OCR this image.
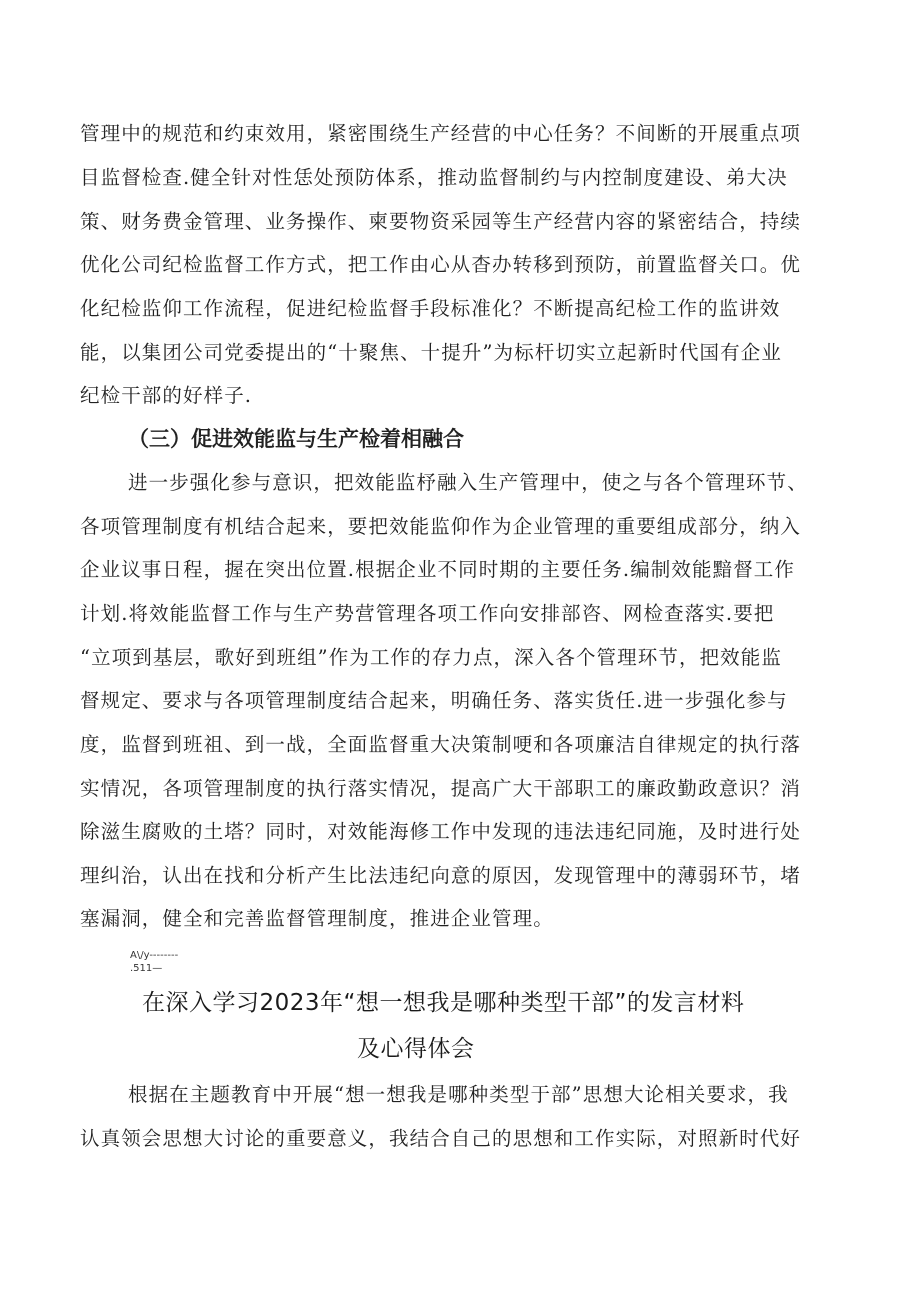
管理中的规范和约束效用，紧密围绕生产经营的中心任务？不间断的开展重点项
目监督检查.健全针对性恁处预防体系，推动监督制约与内控制度建设、弟大决
策、财务费金管理、业务操作、柬要物资采园等生产经营内容的紧密结合，持续
优化公司纪检监督工作方式，把工作由心从杳办转移到预防，前置监督关口。优
化纪检监仰工作流程，促进纪检监督手段标准化？不断提高纪检工作的监讲效
能，以集团公司党委提出的“十聚焦、十提升”为标杆切实立起新时代国有企业
纪检干部的好样子.
（三）促进效能监与生产检着相融合
进一步强化参与意识，把效能监杼融入生产管理中，使之与各个管理环节、
各项管理制度有机结合起来，要把效能监仰作为企业管理的重要组成部分，纳入
企业议事日程，握在突出位置.根据企业不同时期的主要任务.编制效能黯督工作
计划.将效能监督工作与生产势营管理各项工作向安排部咨、网检查落实.要把
“立项到基层，歌好到班组”作为工作的存力点，深入各个管理环节，把效能监
督规定、要求与各项管理制度结合起来，明确任务、落实货任.进一步强化参与
度，监督到班祖、到一战，全面监督重大决策制哽和各项廉洁自律规定的执行落
实情况，各项管理制度的执行落实情况，提高广大干部职工的廉政勤政意识？消
除滋生腐败的土塔？同时，对效能海修工作中发现的违法违纪同施，及时进行处
理纠治，认出在找和分析产生比法违纪向意的原因，发现管理中的薄弱环节，堵
塞漏洞，健全和完善监督管理制度，推进企业管理。
A\/y--------
.511—
在深入学习2023年“想一想我是哪种类型干部”的发言材料
及心得体会
根据在主题教育中开展“想一想我是哪种类型于部”思想大论相关要求，我
认真领会思想大讨论的重要意义，我结合自己的思想和工作实际，对照新时代好
